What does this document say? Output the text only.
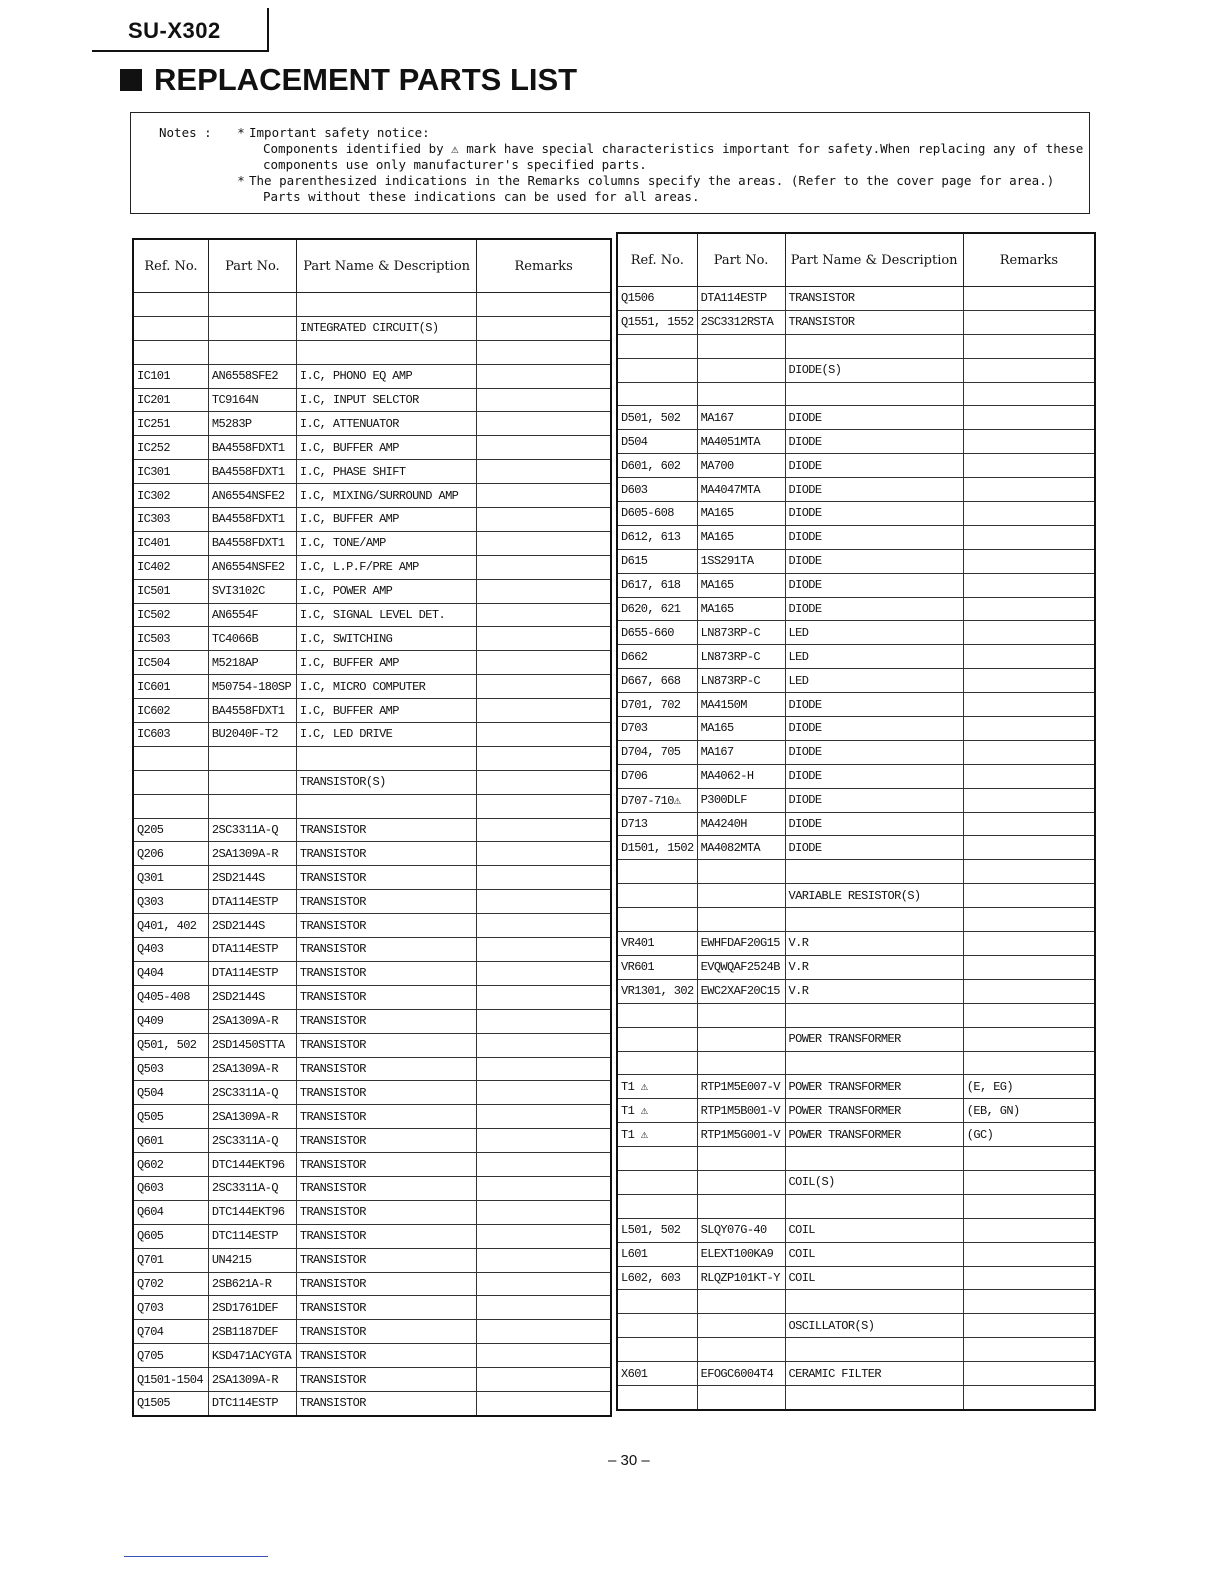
SU-X302
REPLACEMENT PARTS LIST
Notes :	* Important safety notice:
Components identified by ⚠ mark have special characteristics important for safety.When replacing any of these
components use only manufacturer's specified parts.
* The parenthesized indications in the Remarks columns specify the areas. (Refer to the cover page for area.)
Parts without these indications can be used for all areas.
Ref. No.	Part No.	Part Name & Description	Remarks

		INTEGRATED CIRCUIT(S)	

IC101	AN6558SFE2	I.C, PHONO EQ AMP	
IC201	TC9164N	I.C, INPUT SELCTOR	
IC251	M5283P	I.C, ATTENUATOR	
IC252	BA4558FDXT1	I.C, BUFFER AMP	
IC301	BA4558FDXT1	I.C, PHASE SHIFT	
IC302	AN6554NSFE2	I.C, MIXING/SURROUND AMP	
IC303	BA4558FDXT1	I.C, BUFFER AMP	
IC401	BA4558FDXT1	I.C, TONE/AMP	
IC402	AN6554NSFE2	I.C, L.P.F/PRE AMP	
IC501	SVI3102C	I.C, POWER AMP	
IC502	AN6554F	I.C, SIGNAL LEVEL DET.	
IC503	TC4066B	I.C, SWITCHING	
IC504	M5218AP	I.C, BUFFER AMP	
IC601	M50754-180SP	I.C, MICRO COMPUTER	
IC602	BA4558FDXT1	I.C, BUFFER AMP	
IC603	BU2040F-T2	I.C, LED DRIVE	

		TRANSISTOR(S)	

Q205	2SC3311A-Q	TRANSISTOR	
Q206	2SA1309A-R	TRANSISTOR	
Q301	2SD2144S	TRANSISTOR	
Q303	DTA114ESTP	TRANSISTOR	
Q401, 402	2SD2144S	TRANSISTOR	
Q403	DTA114ESTP	TRANSISTOR	
Q404	DTA114ESTP	TRANSISTOR	
Q405-408	2SD2144S	TRANSISTOR	
Q409	2SA1309A-R	TRANSISTOR	
Q501, 502	2SD1450STTA	TRANSISTOR	
Q503	2SA1309A-R	TRANSISTOR	
Q504	2SC3311A-Q	TRANSISTOR	
Q505	2SA1309A-R	TRANSISTOR	
Q601	2SC3311A-Q	TRANSISTOR	
Q602	DTC144EKT96	TRANSISTOR	
Q603	2SC3311A-Q	TRANSISTOR	
Q604	DTC144EKT96	TRANSISTOR	
Q605	DTC114ESTP	TRANSISTOR	
Q701	UN4215	TRANSISTOR	
Q702	2SB621A-R	TRANSISTOR	
Q703	2SD1761DEF	TRANSISTOR	
Q704	2SB1187DEF	TRANSISTOR	
Q705	KSD471ACYGTA	TRANSISTOR	
Q1501-1504	2SA1309A-R	TRANSISTOR	
Q1505	DTC114ESTP	TRANSISTOR	
Ref. No.	Part No.	Part Name & Description	Remarks
Q1506	DTA114ESTP	TRANSISTOR	
Q1551, 1552	2SC3312RSTA	TRANSISTOR	

		DIODE(S)	

D501, 502	MA167	DIODE	
D504	MA4051MTA	DIODE	
D601, 602	MA700	DIODE	
D603	MA4047MTA	DIODE	
D605-608	MA165	DIODE	
D612, 613	MA165	DIODE	
D615	1SS291TA	DIODE	
D617, 618	MA165	DIODE	
D620, 621	MA165	DIODE	
D655-660	LN873RP-C	LED	
D662	LN873RP-C	LED	
D667, 668	LN873RP-C	LED	
D701, 702	MA4150M	DIODE	
D703	MA165	DIODE	
D704, 705	MA167	DIODE	
D706	MA4062-H	DIODE	
D707-710⚠	P300DLF	DIODE	
D713	MA4240H	DIODE	
D1501, 1502	MA4082MTA	DIODE	

		VARIABLE RESISTOR(S)	

VR401	EWHFDAF20G15	V.R	
VR601	EVQWQAF2524B	V.R	
VR1301, 302	EWC2XAF20C15	V.R	

		POWER TRANSFORMER	

T1 ⚠	RTP1M5E007-V	POWER TRANSFORMER	(E, EG)
T1 ⚠	RTP1M5B001-V	POWER TRANSFORMER	(EB, GN)
T1 ⚠	RTP1M5G001-V	POWER TRANSFORMER	(GC)

		COIL(S)	

L501, 502	SLQY07G-40	COIL	
L601	ELEXT100KA9	COIL	
L602, 603	RLQZP101KT-Y	COIL	

		OSCILLATOR(S)	

X601	EFOGC6004T4	CERAMIC FILTER	

– 30 –
